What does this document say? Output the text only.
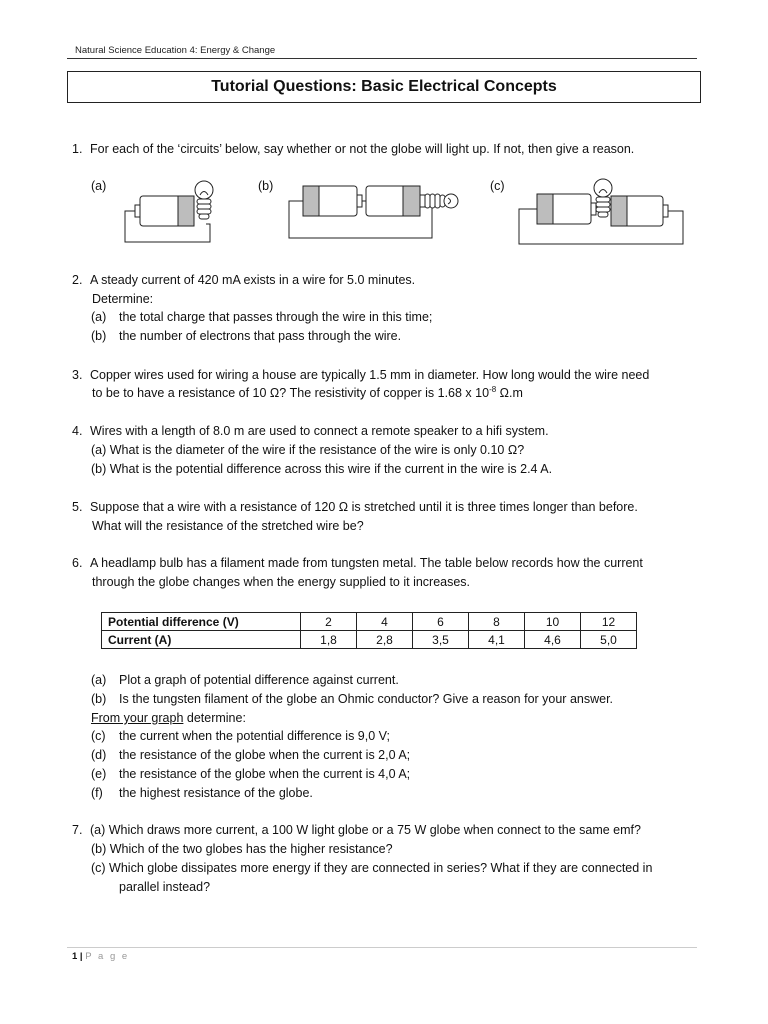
Natural Science Education 4: Energy & Change
Tutorial Questions: Basic Electrical Concepts
1. For each of the ‘circuits’ below, say whether or not the globe will light up. If not, then give a reason.
(a)	(b)	(c)
2. A steady current of 420 mA exists in a wire for 5.0 minutes.
Determine:
(a) the total charge that passes through the wire in this time;
(b) the number of electrons that pass through the wire.
3. Copper wires used for wiring a house are typically 1.5 mm in diameter. How long would the wire need
to be to have a resistance of 10 Ω? The resistivity of copper is 1.68 x $10^{-8}$ Ω.m
4. Wires with a length of 8.0 m are used to connect a remote speaker to a hifi system.
(a) What is the diameter of the wire if the resistance of the wire is only 0.10 Ω?
(b) What is the potential difference across this wire if the current in the wire is 2.4 A.
5. Suppose that a wire with a resistance of 120 Ω is stretched until it is three times longer than before.
What will the resistance of the stretched wire be?
6. A headlamp bulb has a filament made from tungsten metal. The table below records how the current
through the globe changes when the energy supplied to it increases.
Potential difference (V)	2	4	6	8	10	12
Current (A)	1,8	2,8	3,5	4,1	4,6	5,0
(a) Plot a graph of potential difference against current.
(b) Is the tungsten filament of the globe an Ohmic conductor? Give a reason for your answer.
From your graph determine:
(c) the current when the potential difference is 9,0 V;
(d) the resistance of the globe when the current is 2,0 A;
(e) the resistance of the globe when the current is 4,0 A;
(f) the highest resistance of the globe.
7. (a) Which draws more current, a 100 W light globe or a 75 W globe when connect to the same emf?
(b) Which of the two globes has the higher resistance?
(c) Which globe dissipates more energy if they are connected in series? What if they are connected in
parallel instead?
1 | P a g e
